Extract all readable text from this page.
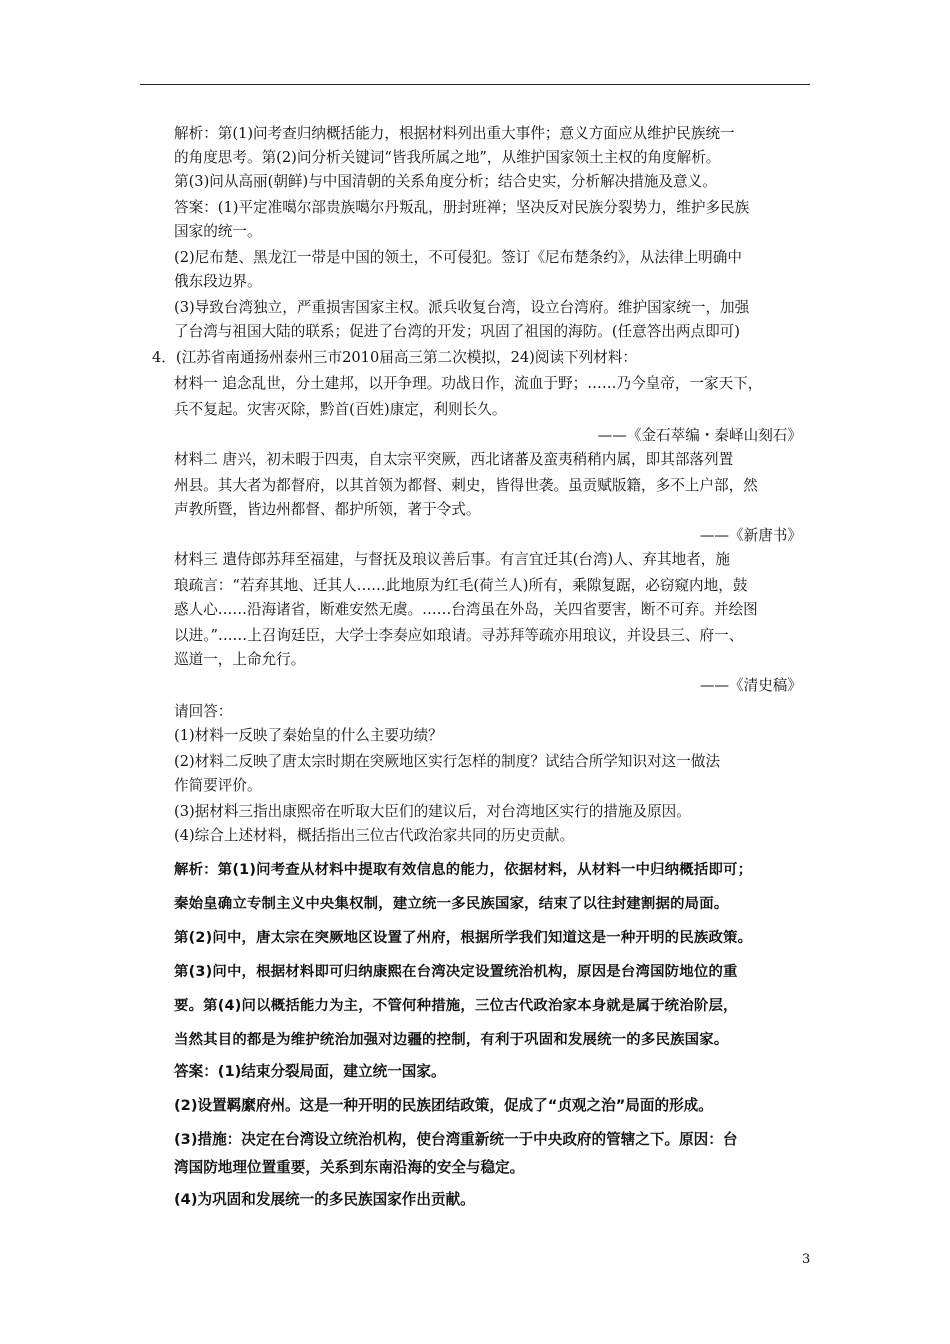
解析：第(1)问考查归纳概括能力，根据材料列出重大事件；意义方面应从维护民族统一
的角度思考。第(2)问分析关键词“皆我所属之地”，从维护国家领土主权的角度解析。
第(3)问从高丽(朝鲜)与中国清朝的关系角度分析；结合史实，分析解决措施及意义。
答案：(1)平定准噶尔部贵族噶尔丹叛乱，册封班禅；坚决反对民族分裂势力，维护多民族
国家的统一。
(2)尼布楚、黑龙江一带是中国的领土，不可侵犯。签订《尼布楚条约》，从法律上明确中
俄东段边界。
(3)导致台湾独立，严重损害国家主权。派兵收复台湾，设立台湾府。维护国家统一，加强
了台湾与祖国大陆的联系；促进了台湾的开发；巩固了祖国的海防。(任意答出两点即可)
4．(江苏省南通扬州泰州三市2010届高三第二次模拟，24)阅读下列材料：
材料一 追念乱世，分土建邦，以开争理。功战日作，流血于野；……乃今皇帝，一家天下，
兵不复起。灾害灭除，黔首(百姓)康定，利则长久。
——《金石萃编・秦峄山刻石》
材料二 唐兴，初未暇于四夷，自太宗平突厥，西北诸蕃及蛮夷稍稍内属，即其部落列置
州县。其大者为都督府，以其首领为都督、刺史，皆得世袭。虽贡赋版籍，多不上户部，然
声教所暨，皆边州都督、都护所领，著于令式。
——《新唐书》
材料三 遣侍郎苏拜至福建，与督抚及琅议善后事。有言宜迁其(台湾)人、弃其地者，施
琅疏言：“若弃其地、迁其人……此地原为红毛(荷兰人)所有，乘隙复踞，必窃窥内地，鼓
惑人心……沿海诸省，断难安然无虞。……台湾虽在外岛，关四省要害，断不可弃。并绘图
以进。”……上召询廷臣，大学士李奏应如琅请。寻苏拜等疏亦用琅议，并设县三、府一、
巡道一，上命允行。
——《清史稿》
请回答：
(1)材料一反映了秦始皇的什么主要功绩？
(2)材料二反映了唐太宗时期在突厥地区实行怎样的制度？试结合所学知识对这一做法
作简要评价。
(3)据材料三指出康熙帝在听取大臣们的建议后，对台湾地区实行的措施及原因。
(4)综合上述材料，概括指出三位古代政治家共同的历史贡献。
解析：第(1)问考查从材料中提取有效信息的能力，依据材料，从材料一中归纳概括即可；
秦始皇确立专制主义中央集权制，建立统一多民族国家，结束了以往封建割据的局面。
第(2)问中，唐太宗在突厥地区设置了州府，根据所学我们知道这是一种开明的民族政策。
第(3)问中，根据材料即可归纳康熙在台湾决定设置统治机构，原因是台湾国防地位的重
要。第(4)问以概括能力为主，不管何种措施，三位古代政治家本身就是属于统治阶层，
当然其目的都是为维护统治加强对边疆的控制，有利于巩固和发展统一的多民族国家。
答案：(1)结束分裂局面，建立统一国家。
(2)设置羁縻府州。这是一种开明的民族团结政策，促成了“贞观之治”局面的形成。
(3)措施：决定在台湾设立统治机构，使台湾重新统一于中央政府的管辖之下。原因：台
湾国防地理位置重要，关系到东南沿海的安全与稳定。
(4)为巩固和发展统一的多民族国家作出贡献。
3
